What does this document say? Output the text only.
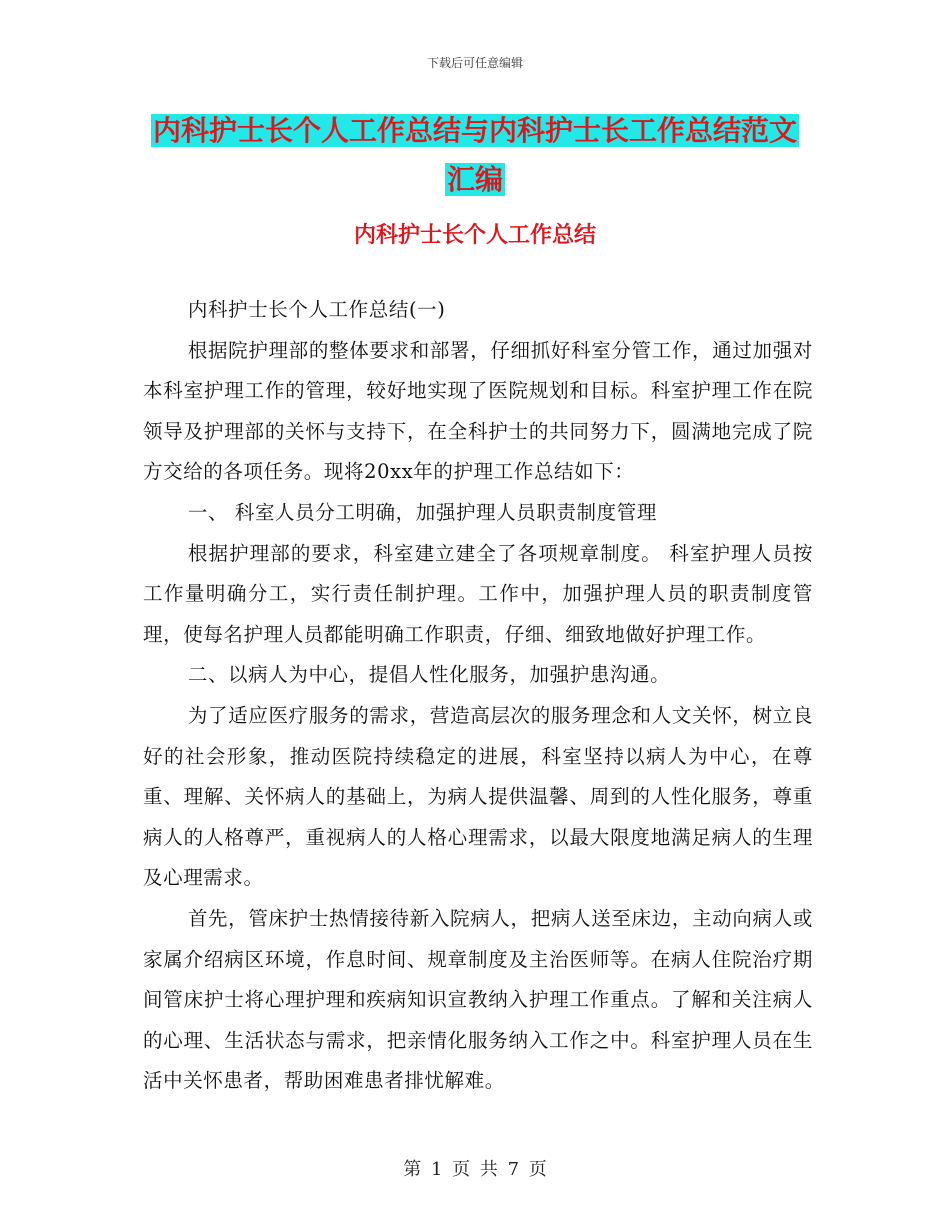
下载后可任意编辑
内科护士长个人工作总结与内科护士长工作总结范文
汇编
内科护士长个人工作总结

内科护士长个人工作总结(一)

根据院护理部的整体要求和部署，仔细抓好科室分管工作，通过加强对本科室护理工作的管理，较好地实现了医院规划和目标。科室护理工作在院领导及护理部的关怀与支持下，在全科护士的共同努力下，圆满地完成了院方交给的各项任务。现将20xx年的护理工作总结如下：

一、 科室人员分工明确，加强护理人员职责制度管理

根据护理部的要求，科室建立建全了各项规章制度。 科室护理人员按工作量明确分工，实行责任制护理。工作中，加强护理人员的职责制度管理，使每名护理人员都能明确工作职责，仔细、细致地做好护理工作。

二、以病人为中心，提倡人性化服务，加强护患沟通。

为了适应医疗服务的需求，营造高层次的服务理念和人文关怀，树立良好的社会形象，推动医院持续稳定的进展，科室坚持以病人为中心，在尊重、理解、关怀病人的基础上，为病人提供温馨、周到的人性化服务，尊重病人的人格尊严，重视病人的人格心理需求，以最大限度地满足病人的生理及心理需求。

首先，管床护士热情接待新入院病人，把病人送至床边，主动向病人或家属介绍病区环境，作息时间、规章制度及主治医师等。在病人住院治疗期间管床护士将心理护理和疾病知识宣教纳入护理工作重点。了解和关注病人的心理、生活状态与需求，把亲情化服务纳入工作之中。科室护理人员在生活中关怀患者，帮助困难患者排忧解难。

第 1 页 共 7 页
